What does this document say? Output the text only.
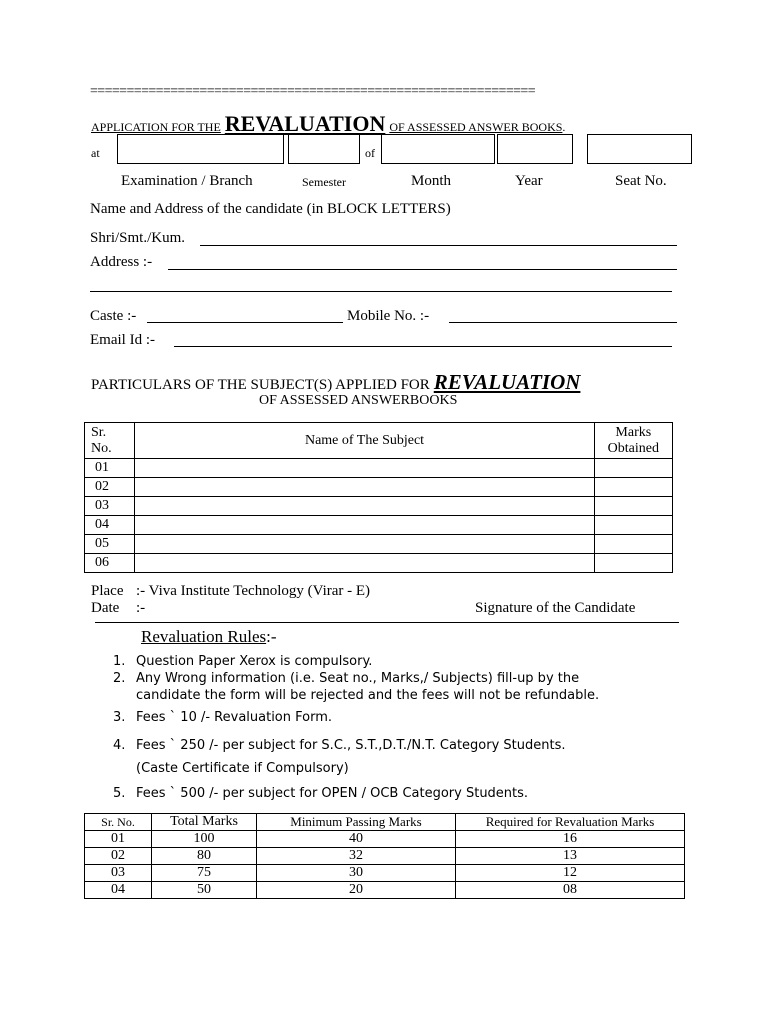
=============================================================
APPLICATION FOR THE REVALUATION OF ASSESSED ANSWER BOOKS.
at	of
Examination / Branch	Semester	Month	Year	Seat No.
Name and Address of the candidate (in BLOCK LETTERS)
Shri/Smt./Kum.
Address :-
Caste :-	Mobile No. :-
Email Id :-
PARTICULARS OF THE SUBJECT(S) APPLIED FOR REVALUATION
OF ASSESSED ANSWERBOOKS
Sr.
No.	Name of The Subject	Marks
Obtained
01		
02		
03		
04		
05		
06		
Place :- Viva Institute Technology (Virar - E)
Date :-	Signature of the Candidate
Revaluation Rules:-
1. Question Paper Xerox is compulsory.
2. Any Wrong information (i.e. Seat no., Marks,/ Subjects) fill-up by the
candidate the form will be rejected and the fees will not be refundable.
3. Fees ` 10 /- Revaluation Form.
4. Fees ` 250 /- per subject for S.C., S.T.,D.T./N.T. Category Students.
(Caste Certificate if Compulsory)
5. Fees ` 500 /- per subject for OPEN / OCB Category Students.
Sr. No.	Total Marks	Minimum Passing Marks	Required for Revaluation Marks
01	100	40	16
02	80	32	13
03	75	30	12
04	50	20	08
